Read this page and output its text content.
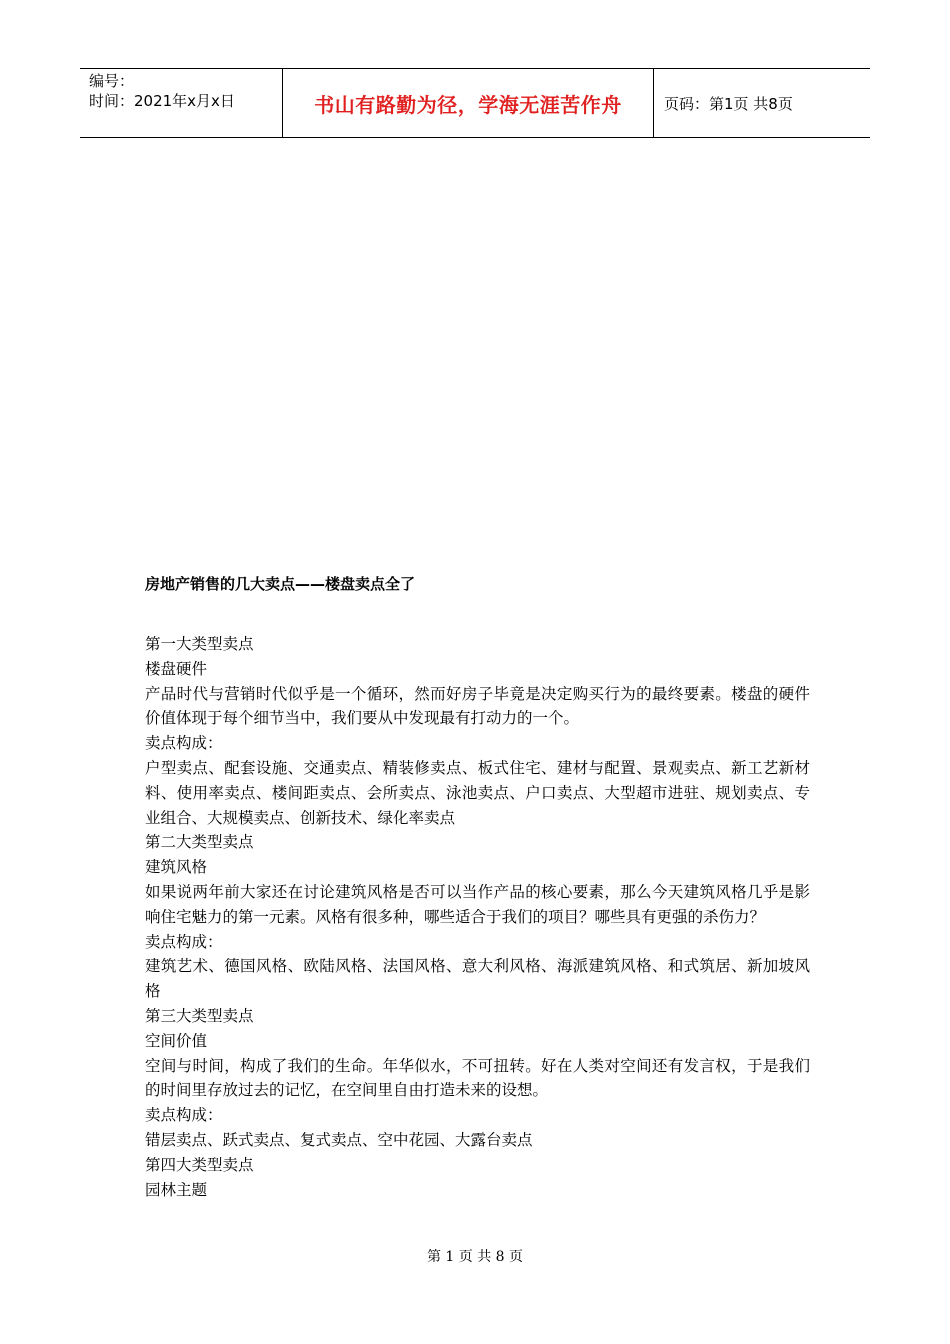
编号：
时间：2021年x月x日	书山有路勤为径，学海无涯苦作舟	页码：第1页 共8页
房地产销售的几大卖点——楼盘卖点全了

第一大类型卖点

楼盘硬件

产品时代与营销时代似乎是一个循环，然而好房子毕竟是决定购买行为的最终要素。楼盘的硬件价值体现于每个细节当中，我们要从中发现最有打动力的一个。

卖点构成：

户型卖点、配套设施、交通卖点、精装修卖点、板式住宅、建材与配置、景观卖点、新工艺新材料、使用率卖点、楼间距卖点、会所卖点、泳池卖点、户口卖点、大型超市进驻、规划卖点、专业组合、大规模卖点、创新技术、绿化率卖点

第二大类型卖点

建筑风格

如果说两年前大家还在讨论建筑风格是否可以当作产品的核心要素，那么今天建筑风格几乎是影响住宅魅力的第一元素。风格有很多种，哪些适合于我们的项目？哪些具有更强的杀伤力？

卖点构成：

建筑艺术、德国风格、欧陆风格、法国风格、意大利风格、海派建筑风格、和式筑居、新加坡风格

第三大类型卖点

空间价值

空间与时间，构成了我们的生命。年华似水，不可扭转。好在人类对空间还有发言权，于是我们的时间里存放过去的记忆，在空间里自由打造未来的设想。

卖点构成：

错层卖点、跃式卖点、复式卖点、空中花园、大露台卖点

第四大类型卖点

园林主题

第 1 页 共 8 页
